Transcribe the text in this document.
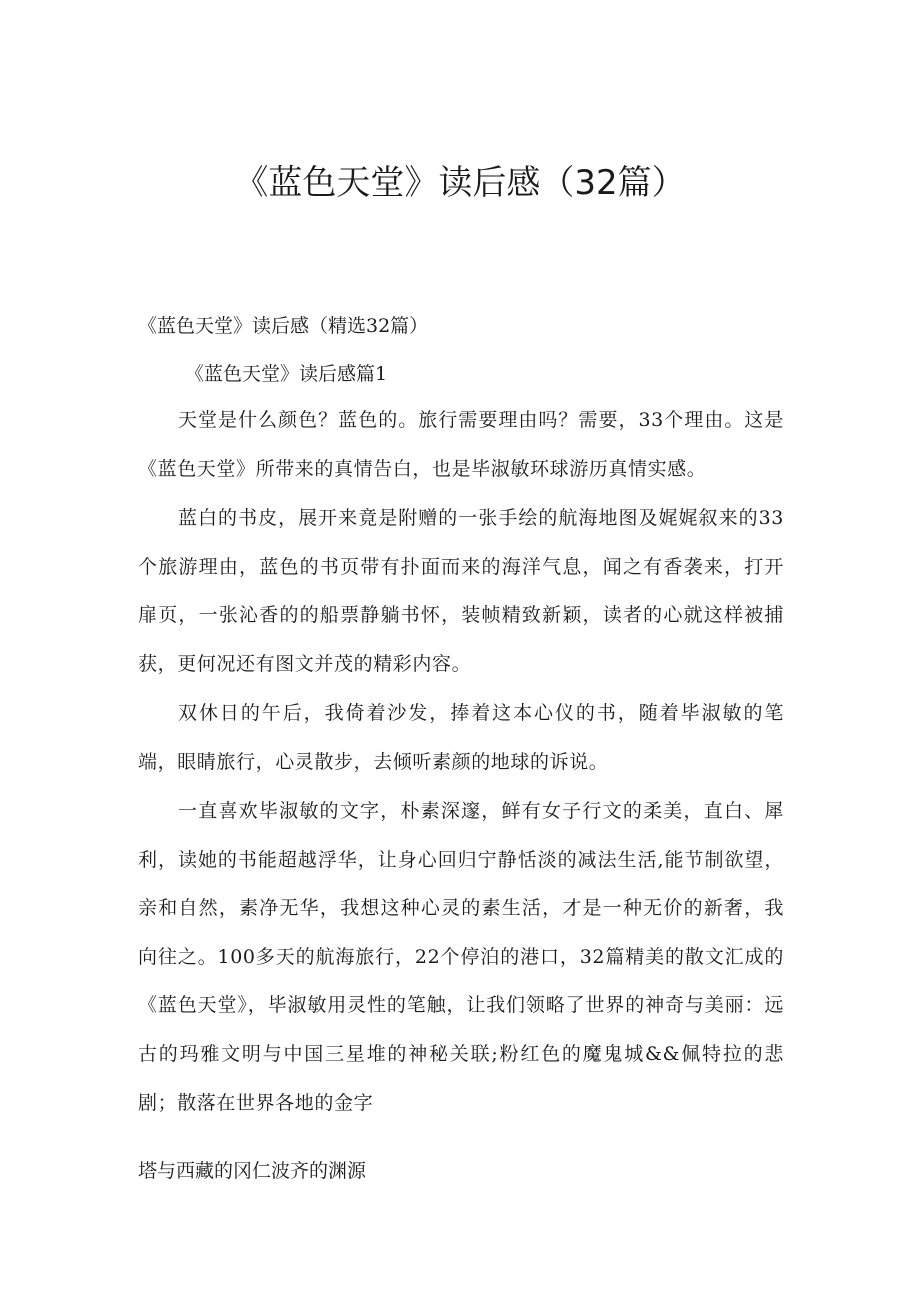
《蓝色天堂》读后感（32篇）

《蓝色天堂》读后感（精选32篇）

《蓝色天堂》读后感篇1

天堂是什么颜色？蓝色的。旅行需要理由吗？需要，33个理由。这是《蓝色天堂》所带来的真情告白，也是毕淑敏环球游历真情实感。

蓝白的书皮，展开来竟是附赠的一张手绘的航海地图及娓娓叙来的33个旅游理由，蓝色的书页带有扑面而来的海洋气息，闻之有香袭来，打开扉页，一张沁香的的船票静躺书怀，装帧精致新颖，读者的心就这样被捕获，更何况还有图文并茂的精彩内容。

双休日的午后，我倚着沙发，捧着这本心仪的书，随着毕淑敏的笔端，眼睛旅行，心灵散步，去倾听素颜的地球的诉说。

一直喜欢毕淑敏的文字，朴素深邃，鲜有女子行文的柔美，直白、犀利，读她的书能超越浮华，让身心回归宁静恬淡的减法生活,能节制欲望，亲和自然，素净无华，我想这种心灵的素生活，才是一种无价的新奢，我向往之。100多天的航海旅行，22个停泊的港口，32篇精美的散文汇成的《蓝色天堂》，毕淑敏用灵性的笔触，让我们领略了世界的神奇与美丽：远古的玛雅文明与中国三星堆的神秘关联;粉红色的魔鬼城&&佩特拉的悲剧；散落在世界各地的金字

塔与西藏的冈仁波齐的渊源
